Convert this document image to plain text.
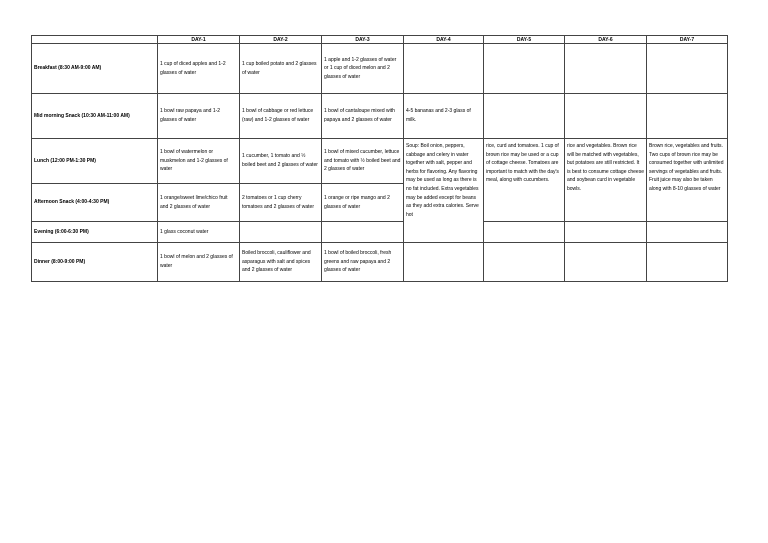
	DAY-1	DAY-2	DAY-3	DAY-4	DAY-5	DAY-6	DAY-7
Breakfast (8:30 AM-9:00 AM)	1 cup of diced apples and 1-2 glasses of water	1 cup boiled potato and 2 glasses of water	1 apple and 1-2 glasses of water or 1 cup of diced melon and 2 glasses of water				
Mid morning Snack (10:30 AM-11:00 AM)	1 bowl raw papaya and 1-2 glasses of water	1 bowl of cabbage or red lettuce (raw) and 1-2 glasses of water	1 bowl of cantaloupe mixed with papaya and 2 glasses of water	4-5 bananas and 2-3 glass of milk.			
Lunch (12:00 PM-1:30 PM)	1 bowl of watermelon or muskmelon and 1-2 glasses of water	1 cucumber, 1 tomato and ½ boiled beet and 2 glasses of water	1 bowl of mixed cucumber, lettuce and tomato with ½ boiled beet and 2 glasses of water	Soup: Boil onion, peppers, cabbage and celery in water together with salt, pepper and herbs for flavoring. Any flavoring may be used as long as there is no fat included. Extra vegetables may be added except for beans as they add extra calories. Serve hot	rice, curd and tomatoes. 1 cup of brown rice may be used or a cup of cottage cheese. Tomatoes are important to match with the day's meal, along with cucumbers.	rice and vegetables. Brown rice will be matched with vegetables, but potatoes are still restricted. It is best to consume cottage cheese and soybean curd in vegetable bowls.	Brown rice, vegetables and fruits. Two cups of brown rice may be consumed together with unlimited servings of vegetables and fruits. Fruit juice may also be taken along with 8-10 glasses of water
Afternoon Snack (4:00-4:30 PM)	1 orange/sweet lime/chico fruit and 2 glasses of water	2 tomatoes or 1 cup cherry tomatoes and 2 glasses of water	1 orange or ripe mango and 2 glasses of water				
Evening (6:00-6:30 PM)	1 glass coconut water						
Dinner (8:00-9:00 PM)	1 bowl of melon and 2 glasses of water	Boiled broccoli, cauliflower and asparagus with salt and spices and 2 glasses of water	1 bowl of boiled broccoli, fresh greens and raw papaya and 2 glasses of water				
